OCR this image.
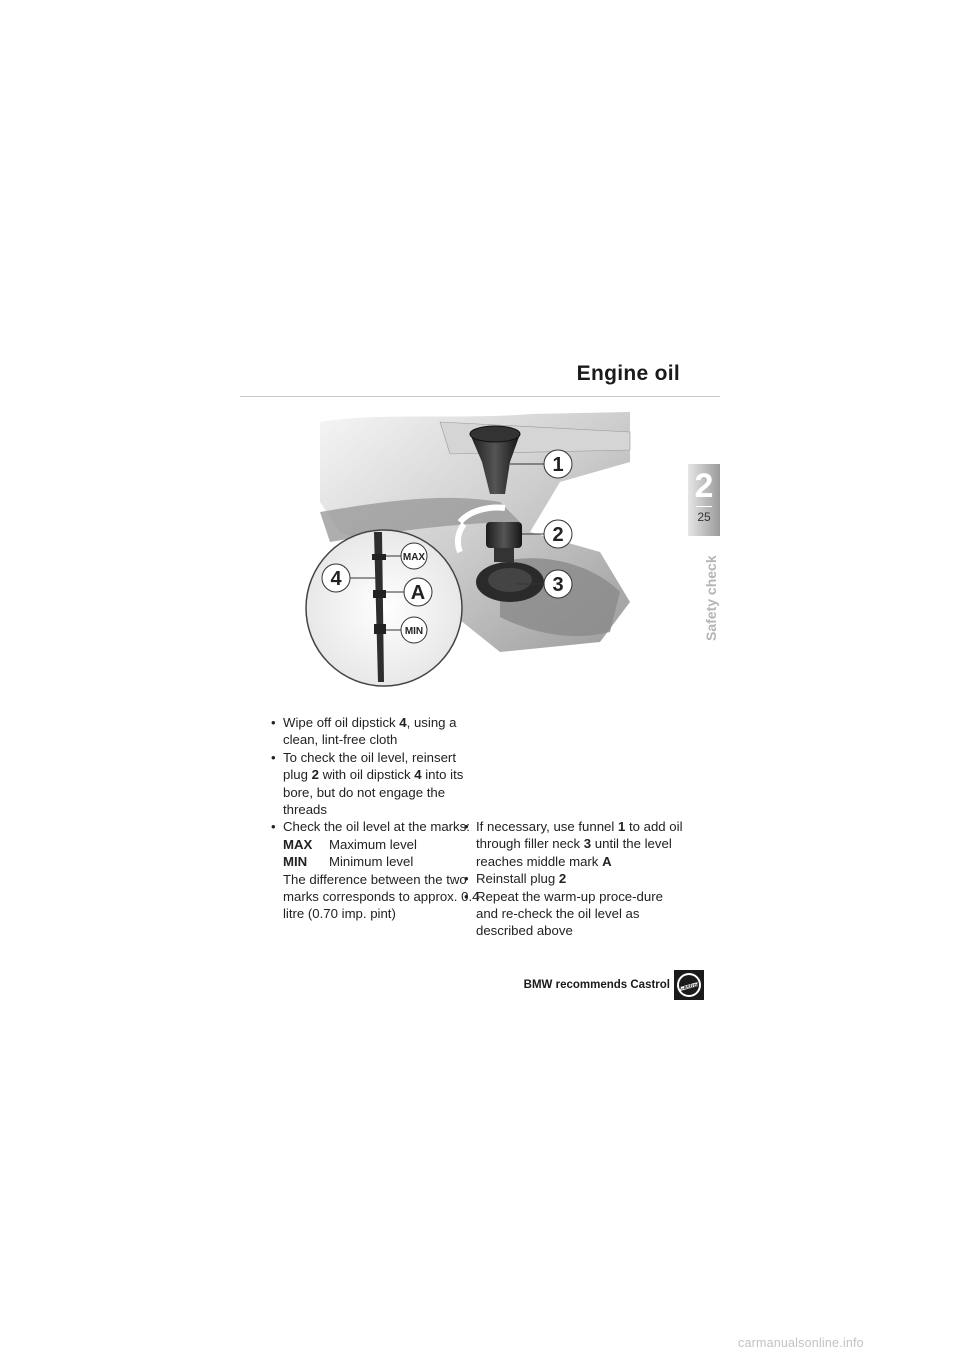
Engine oil
2
25
Safety check
1
2
3
4
A
MAX
MIN

• Wipe off oil dipstick 4, using a clean, lint-free cloth

• To check the oil level, reinsert plug 2 with oil dipstick 4 into its bore, but do not engage the threads

• Check the oil level at the marks:

MAX Maximum level
MIN Minimum level
The difference between the two marks corresponds to approx. 0.4 litre (0.70 imp. pint)

• If necessary, use funnel 1 to add oil through filler neck 3 until the level reaches middle mark A

• Reinstall plug 2

• Repeat the warm-up proce-dure and re-check the oil level as described above

BMW recommends Castrol Castrol
carmanualsonline.info
